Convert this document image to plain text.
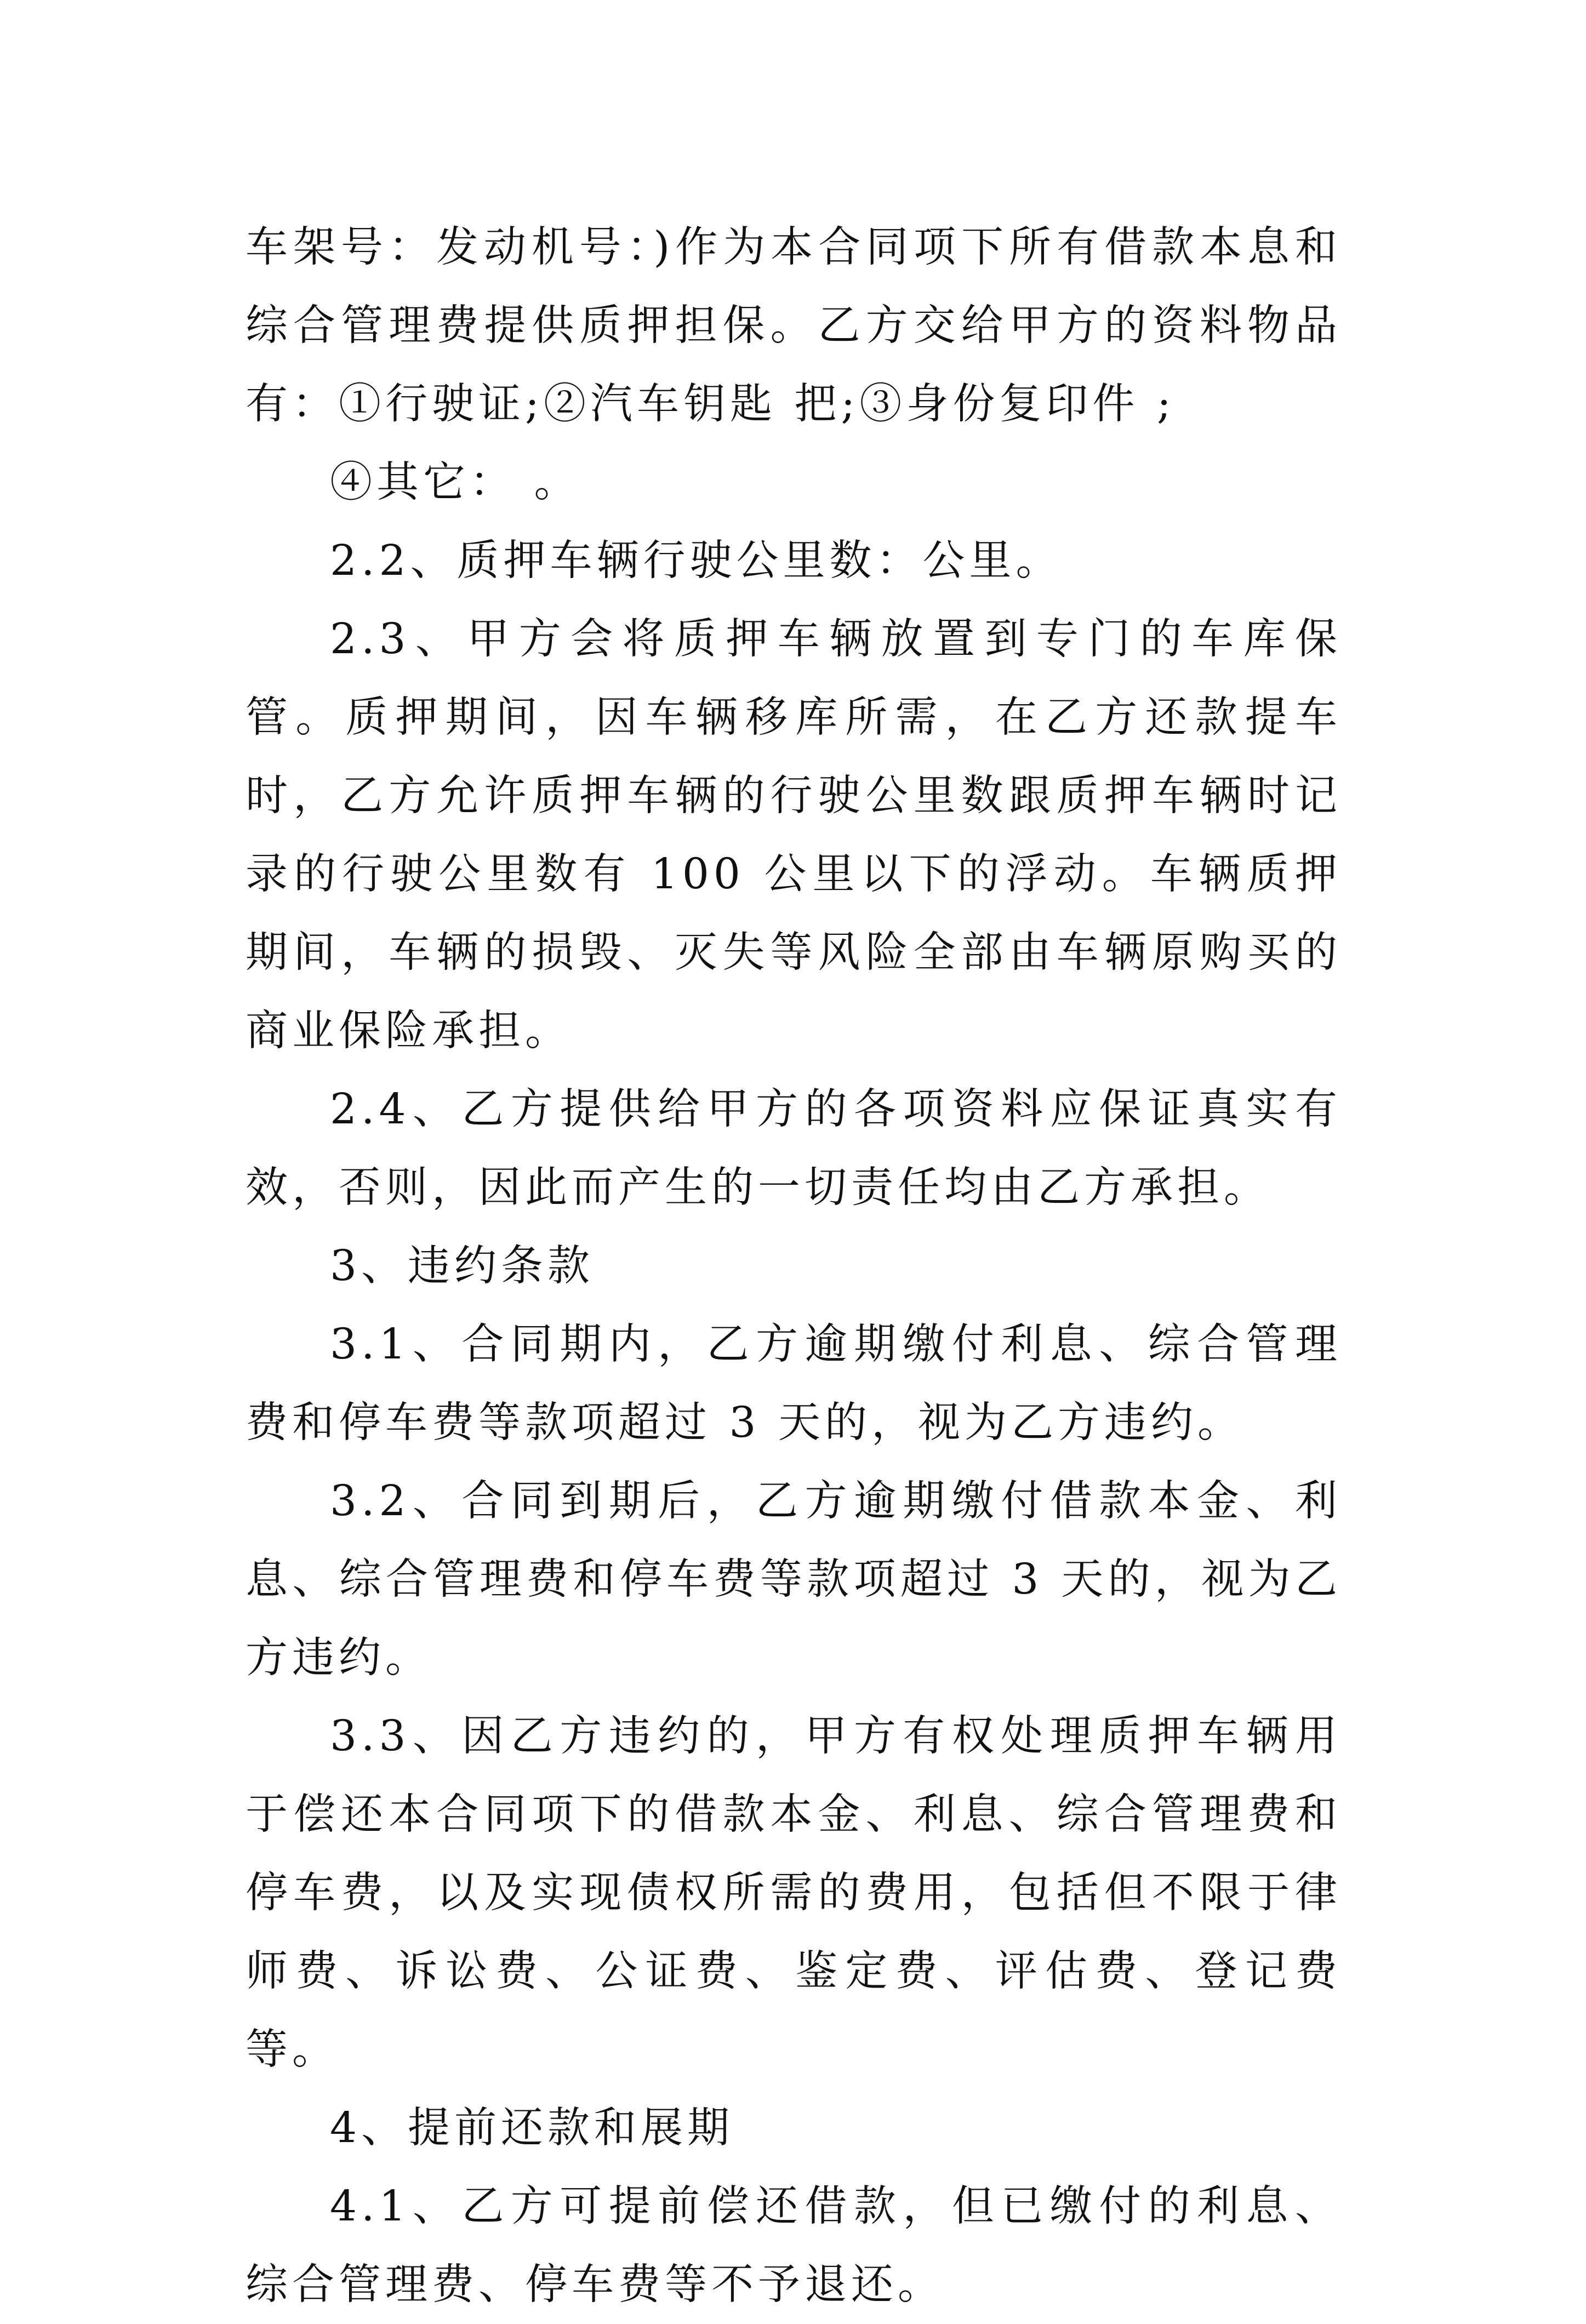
车架号：发动机号：)作为本合同项下所有借款本息和综合管理费提供质押担保。乙方交给甲方的资料物品有：①行驶证;②汽车钥匙 把;③身份复印件 ;

④其它： 。

2.2、质押车辆行驶公里数：公里。

2.3、甲方会将质押车辆放置到专门的车库保管。质押期间，因车辆移库所需，在乙方还款提车时，乙方允许质押车辆的行驶公里数跟质押车辆时记录的行驶公里数有 100 公里以下的浮动。车辆质押期间，车辆的损毁、灭失等风险全部由车辆原购买的商业保险承担。

2.4、乙方提供给甲方的各项资料应保证真实有效，否则，因此而产生的一切责任均由乙方承担。

3、违约条款

3.1、合同期内，乙方逾期缴付利息、综合管理费和停车费等款项超过 3 天的，视为乙方违约。

3.2、合同到期后，乙方逾期缴付借款本金、利息、综合管理费和停车费等款项超过 3 天的，视为乙方违约。

3.3、因乙方违约的，甲方有权处理质押车辆用于偿还本合同项下的借款本金、利息、综合管理费和停车费，以及实现债权所需的费用，包括但不限于律师费、诉讼费、公证费、鉴定费、评估费、登记费等。

4、提前还款和展期

4.1、乙方可提前偿还借款，但已缴付的利息、综合管理费、停车费等不予退还。
